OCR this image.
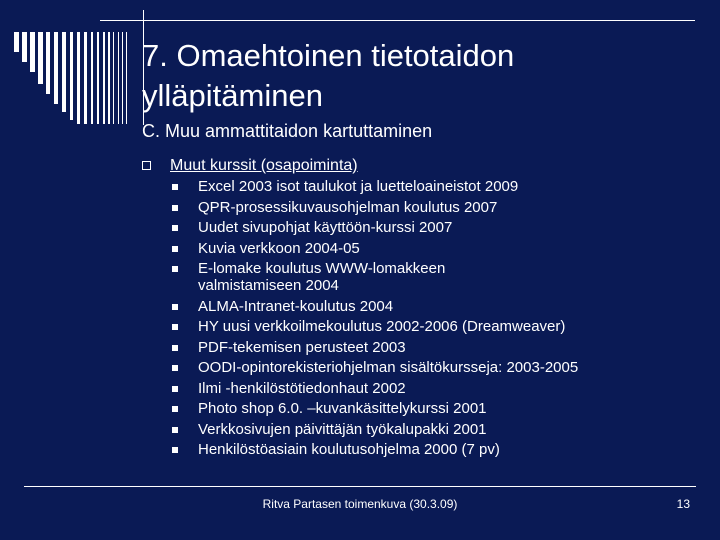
7. Omaehtoinen tietotaidon ylläpitäminen
C. Muu ammattitaidon kartuttaminen
Muut kurssit (osapoiminta)
Excel 2003 isot taulukot ja luetteloaineistot 2009
QPR-prosessikuvausohjelman koulutus 2007
Uudet sivupohjat käyttöön-kurssi 2007
Kuvia verkkoon 2004-05
E-lomake koulutus WWW-lomakkeen valmistamiseen 2004
ALMA-Intranet-koulutus 2004
HY uusi verkkoilmekoulutus 2002-2006 (Dreamweaver)
PDF-tekemisen perusteet 2003
OODI-opintorekisteriohjelman sisältökursseja: 2003-2005
Ilmi -henkilöstötiedonhaut 2002
Photo shop 6.0. –kuvankäsittelykurssi 2001
Verkkosivujen päivittäjän työkalupakki 2001
Henkilöstöasiain koulutusohjelma 2000 (7 pv)
Ritva Partasen toimenkuva (30.3.09)	13
